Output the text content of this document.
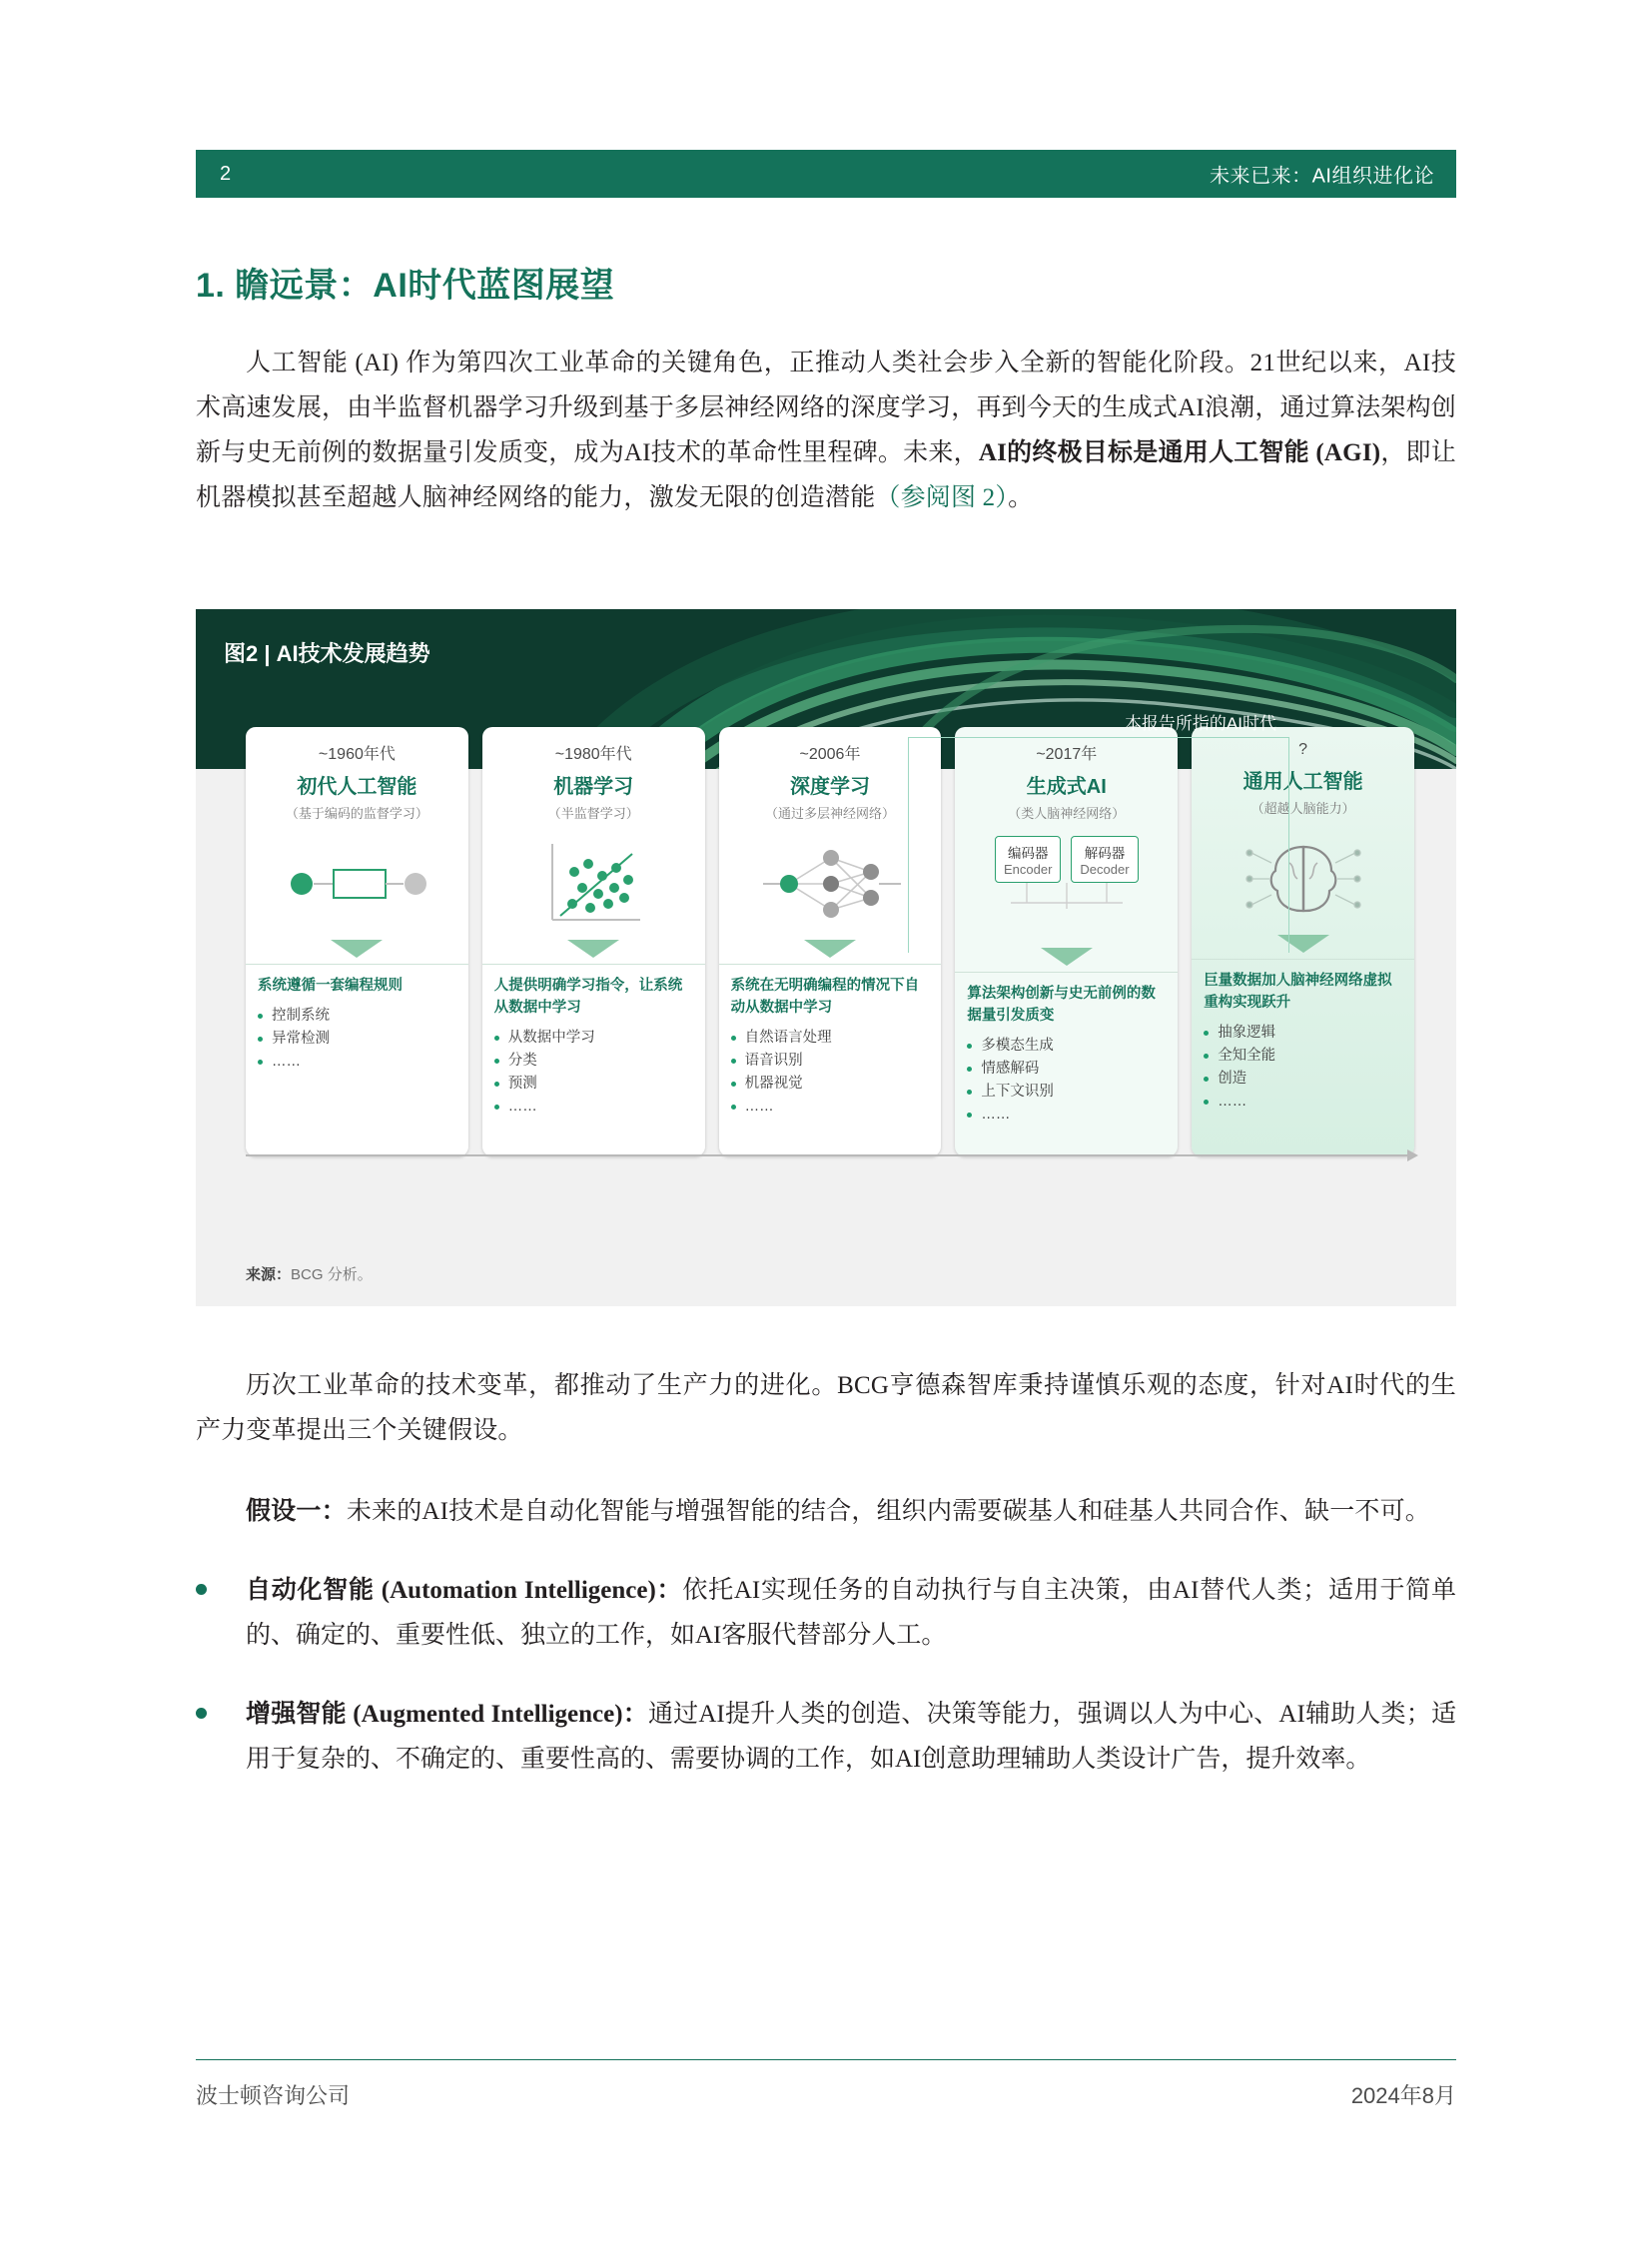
2	未来已来：AI组织进化论
1. 瞻远景：AI时代蓝图展望

人工智能 (AI) 作为第四次工业革命的关键角色，正推动人类社会步入全新的智能化阶段。21世纪以来，AI技术高速发展，由半监督机器学习升级到基于多层神经网络的深度学习，再到今天的生成式AI浪潮，通过算法架构创新与史无前例的数据量引发质变，成为AI技术的革命性里程碑。未来，AI的终极目标是通用人工智能 (AGI)，即让机器模拟甚至超越人脑神经网络的能力，激发无限的创造潜能（参阅图 2）。

图2 | AI技术发展趋势
本报告所指的AI时代
~1960年代
初代人工智能
（基于编码的监督学习）
系统遵循一套编程规则
控制系统
异常检测
……
~1980年代
机器学习
（半监督学习）
人提供明确学习指令，让系统从数据中学习
从数据中学习
分类
预测
……
~2006年
深度学习
（通过多层神经网络）
系统在无明确编程的情况下自动从数据中学习
自然语言处理
语音识别
机器视觉
……
~2017年
生成式AI
（类人脑神经网络）
编码器
Encoder
解码器
Decoder
算法架构创新与史无前例的数据量引发质变
多模态生成
情感解码
上下文识别
……
?
通用人工智能
（超越人脑能力）
巨量数据加人脑神经网络虚拟重构实现跃升
抽象逻辑
全知全能
创造
……
来源：BCG 分析。

历次工业革命的技术变革，都推动了生产力的进化。BCG亨德森智库秉持谨慎乐观的态度，针对AI时代的生产力变革提出三个关键假设。

假设一：未来的AI技术是自动化智能与增强智能的结合，组织内需要碳基人和硅基人共同合作、缺一不可。

自动化智能 (Automation Intelligence)：依托AI实现任务的自动执行与自主决策，由AI替代人类；适用于简单的、确定的、重要性低、独立的工作，如AI客服代替部分人工。
增强智能 (Augmented Intelligence)：通过AI提升人类的创造、决策等能力，强调以人为中心、AI辅助人类；适用于复杂的、不确定的、重要性高的、需要协调的工作，如AI创意助理辅助人类设计广告，提升效率。
波士顿咨询公司	2024年8月
